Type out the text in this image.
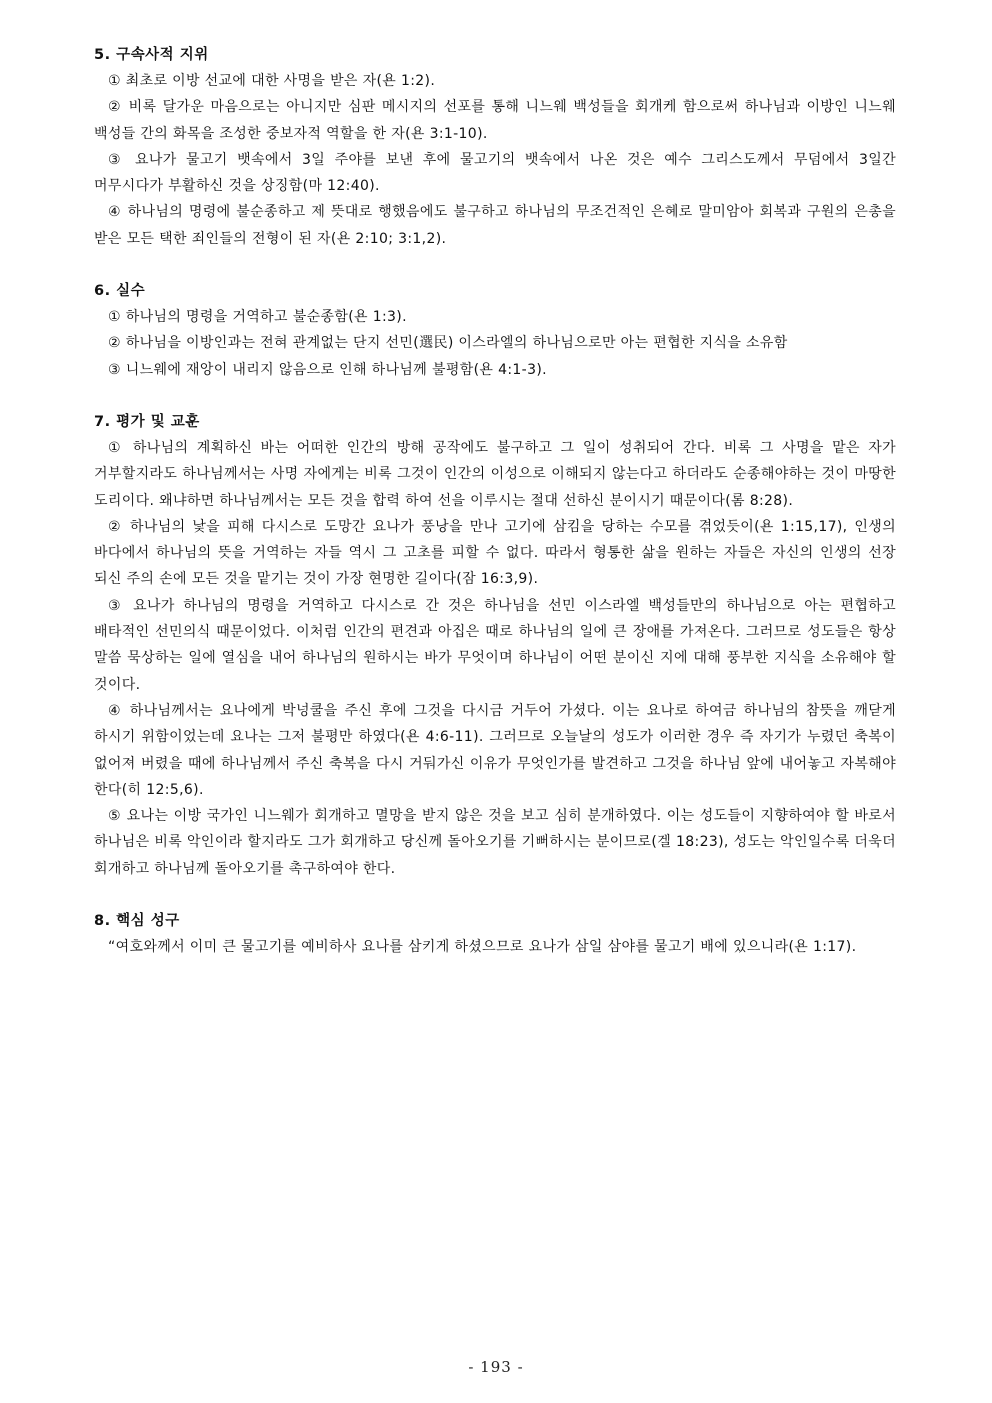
5. 구속사적 지위

① 최초로 이방 선교에 대한 사명을 받은 자(욘 1:2).

② 비록 달가운 마음으로는 아니지만 심판 메시지의 선포를 통해 니느웨 백성들을 회개케 함으로써 하나님과 이방인 니느웨 백성들 간의 화목을 조성한 중보자적 역할을 한 자(욘 3:1-10).

③ 요나가 물고기 뱃속에서 3일 주야를 보낸 후에 물고기의 뱃속에서 나온 것은 예수 그리스도께서 무덤에서 3일간 머무시다가 부활하신 것을 상징함(마 12:40).

④ 하나님의 명령에 불순종하고 제 뜻대로 행했음에도 불구하고 하나님의 무조건적인 은혜로 말미암아 회복과 구원의 은총을 받은 모든 택한 죄인들의 전형이 된 자(욘 2:10; 3:1,2).

6. 실수

① 하나님의 명령을 거역하고 불순종함(욘 1:3).

② 하나님을 이방인과는 전혀 관계없는 단지 선민(選民) 이스라엘의 하나님으로만 아는 편협한 지식을 소유함

③ 니느웨에 재앙이 내리지 않음으로 인해 하나님께 불평함(욘 4:1-3).

7. 평가 및 교훈

① 하나님의 계획하신 바는 어떠한 인간의 방해 공작에도 불구하고 그 일이 성취되어 간다. 비록 그 사명을 맡은 자가 거부할지라도 하나님께서는 사명 자에게는 비록 그것이 인간의 이성으로 이해되지 않는다고 하더라도 순종해야하는 것이 마땅한 도리이다. 왜냐하면 하나님께서는 모든 것을 합력 하여 선을 이루시는 절대 선하신 분이시기 때문이다(롬 8:28).

② 하나님의 낯을 피해 다시스로 도망간 요나가 풍낭을 만나 고기에 삼킴을 당하는 수모를 겪었듯이(욘 1:15,17), 인생의 바다에서 하나님의 뜻을 거역하는 자들 역시 그 고초를 피할 수 없다. 따라서 형통한 삶을 원하는 자들은 자신의 인생의 선장 되신 주의 손에 모든 것을 맡기는 것이 가장 현명한 길이다(잠 16:3,9).

③ 요나가 하나님의 명령을 거역하고 다시스로 간 것은 하나님을 선민 이스라엘 백성들만의 하나님으로 아는 편협하고 배타적인 선민의식 때문이었다. 이처럼 인간의 편견과 아집은 때로 하나님의 일에 큰 장애를 가져온다. 그러므로 성도들은 항상 말씀 묵상하는 일에 열심을 내어 하나님의 원하시는 바가 무엇이며 하나님이 어떤 분이신 지에 대해 풍부한 지식을 소유해야 할 것이다.

④ 하나님께서는 요나에게 박넝쿨을 주신 후에 그것을 다시금 거두어 가셨다. 이는 요나로 하여금 하나님의 참뜻을 깨닫게 하시기 위함이었는데 요나는 그저 불평만 하였다(욘 4:6-11). 그러므로 오늘날의 성도가 이러한 경우 즉 자기가 누렸던 축복이 없어져 버렸을 때에 하나님께서 주신 축복을 다시 거둬가신 이유가 무엇인가를 발견하고 그것을 하나님 앞에 내어놓고 자복해야 한다(히 12:5,6).

⑤ 요나는 이방 국가인 니느웨가 회개하고 멸망을 받지 않은 것을 보고 심히 분개하였다. 이는 성도들이 지향하여야 할 바로서 하나님은 비록 악인이라 할지라도 그가 회개하고 당신께 돌아오기를 기뻐하시는 분이므로(겔 18:23), 성도는 악인일수록 더욱더 회개하고 하나님께 돌아오기를 촉구하여야 한다.

8. 핵심 성구

“여호와께서 이미 큰 물고기를 예비하사 요나를 삼키게 하셨으므로 요나가 삼일 삼야를 물고기 배에 있으니라(욘 1:17).

- 193 -
